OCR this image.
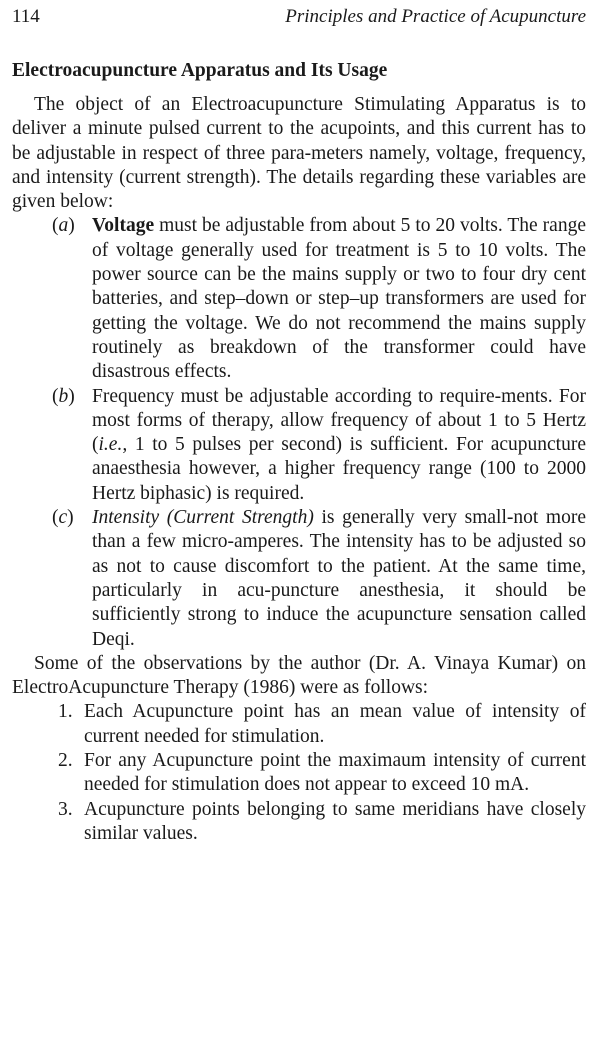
114	Principles and Practice of Acupuncture
Electroacupuncture Apparatus and Its Usage

The object of an Electroacupuncture Stimulating Apparatus is to deliver a minute pulsed current to the acupoints, and this current has to be adjustable in respect of three para-meters namely, voltage, frequency, and intensity (current strength). The details regarding these variables are given below:

(a) Voltage must be adjustable from about 5 to 20 volts. The range of voltage generally used for treatment is 5 to 10 volts. The power source can be the mains supply or two to four dry cent batteries, and step–down or step–up transformers are used for getting the voltage. We do not recommend the mains supply routinely as breakdown of the transformer could have disastrous effects.
(b) Frequency must be adjustable according to require-ments. For most forms of therapy, allow frequency of about 1 to 5 Hertz (i.e., 1 to 5 pulses per second) is sufficient. For acupuncture anaesthesia however, a higher frequency range (100 to 2000 Hertz biphasic) is required.
(c) Intensity (Current Strength) is generally very small-not more than a few micro-amperes. The intensity has to be adjusted so as not to cause discomfort to the patient. At the same time, particularly in acu-puncture anesthesia, it should be sufficiently strong to induce the acupuncture sensation called Deqi.

Some of the observations by the author (Dr. A. Vinaya Kumar) on ElectroAcupuncture Therapy (1986) were as follows:

1. Each Acupuncture point has an mean value of intensity of current needed for stimulation.
2. For any Acupuncture point the maximaum intensity of current needed for stimulation does not appear to exceed 10 mA.
3. Acupuncture points belonging to same meridians have closely similar values.
